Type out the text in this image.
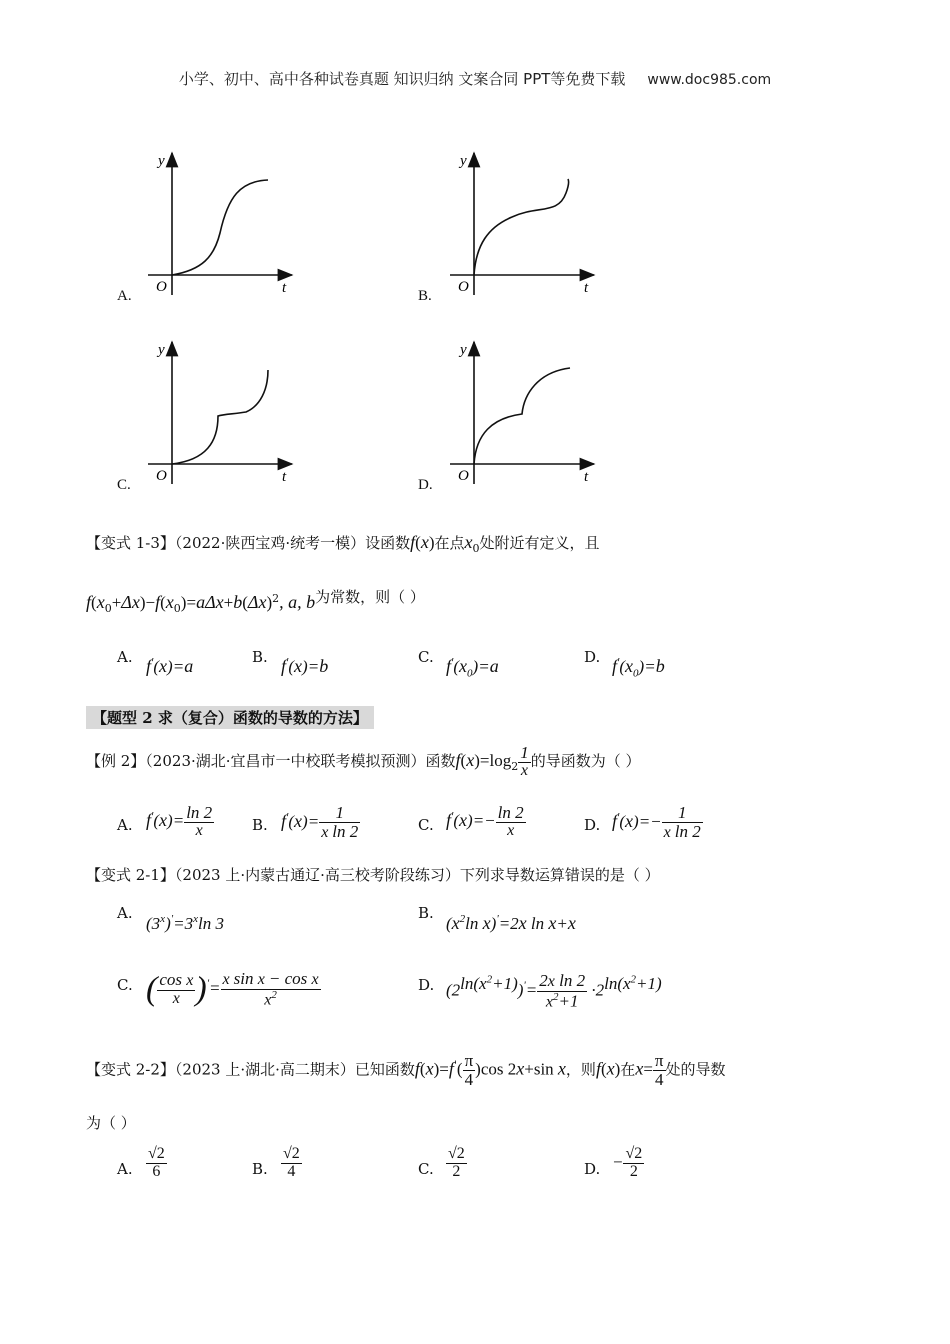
小学、初中、高中各种试卷真题 知识归纳 文案合同 PPT等免费下载 www.doc985.com
y
O	t
A.
y
O	t
B.
y
O	t
C.
y
O	t
D.
【变式 1-3】（2022·陕西宝鸡·统考一模）设函数f(x)在点$x_0$处附近有定义，且
$f(x_0+\Delta x)-f(x_0)=a\Delta x+b(\Delta x)^2$, a, b为常数，则（ ）
A. f'(x)=a	B. f'(x)=b	C. $f'(x_0)=a$	D. $f'(x_0)=b$
【题型 2 求（复合）函数的导数的方法】
【例 2】（2023·湖北·宜昌市一中校联考模拟预测）函数$f(x)=\log_2 \frac{1}{x}$ 的导函数为（ ）
A. $f'(x)= \frac{\ln 2}{x}$	B. $f'(x)= \frac{1}{\text{x ln 2}}$	C. $f'(x)=- \frac{\ln 2}{x}$	D. $f'(x)=- \frac{1}{\text{x ln 2}}$
【变式 2-1】（2023 上·内蒙古通辽·高三校考阶段练习）下列求导数运算错误的是（ ）
A.
$(3^x)'=3^x\ln$ 3
B.
($x^2\ln$ x)'=2x ln x+x
C. ( $\frac{\text{cos x}}{x} )'= \frac{\text{x sin x − cos x}}{x^2}$	D. $(2^{ln(x^2+1)})'= \frac{\text{2x ln 2}}{x^2+1} \cdot 2^{ln(x^2+1)}$
【变式 2-2】（2023 上·湖北·高二期末）已知函数$f(x)=f'( \frac{\pi}{4} )\cos$ 2x+sin x，则f(x)在$x= \frac{\pi}{4}$ 处的导数
为（ ）
A. $\frac{√2}{6}$	B. $\frac{√2}{4}$	C. $\frac{√2}{2}$	D. − $\frac{√2}{2}$
